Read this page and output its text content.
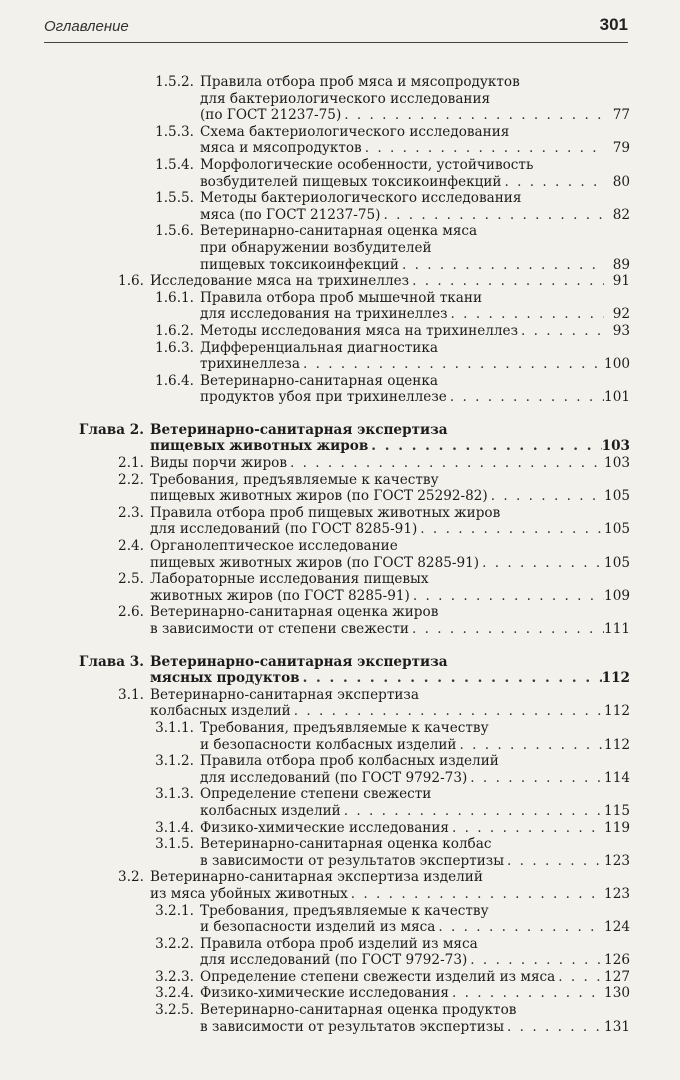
Оглавление	301
1.5.2. Правила отбора проб мяса и мясопродуктов
для бактериологического исследования
(по ГОСТ 21237-75) . . .	77
1.5.3. Схема бактериологического исследования
мяса и мясопродуктов . . .	79
1.5.4. Морфологические особенности, устойчивость
возбудителей пищевых токсикоинфекций . . .	80
1.5.5. Методы бактериологического исследования
мяса (по ГОСТ 21237-75) . . .	82
1.5.6. Ветеринарно-санитарная оценка мяса
при обнаружении возбудителей
пищевых токсикоинфекций . . .	89
1.6. Исследование мяса на трихинеллез . . .	91
1.6.1. Правила отбора проб мышечной ткани
для исследования на трихинеллез . . .	92
1.6.2. Методы исследования мяса на трихинеллез . . .	93
1.6.3. Дифференциальная диагностика
трихинеллеза . . .	100
1.6.4. Ветеринарно-санитарная оценка
продуктов убоя при трихинеллезе . . .	101
Глава 2. Ветеринарно-санитарная экспертиза
пищевых животных жиров . . .	103
2.1. Виды порчи жиров . . .	103
2.2. Требования, предъявляемые к качеству
пищевых животных жиров (по ГОСТ 25292-82) . . .	105
2.3. Правила отбора проб пищевых животных жиров
для исследований (по ГОСТ 8285-91) . . .	105
2.4. Органолептическое исследование
пищевых животных жиров (по ГОСТ 8285-91) . . .	105
2.5. Лабораторные исследования пищевых
животных жиров (по ГОСТ 8285-91) . . .	109
2.6. Ветеринарно-санитарная оценка жиров
в зависимости от степени свежести . . .	111
Глава 3. Ветеринарно-санитарная экспертиза
мясных продуктов . . .	112
3.1. Ветеринарно-санитарная экспертиза
колбасных изделий . . .	112
3.1.1. Требования, предъявляемые к качеству
и безопасности колбасных изделий . . .	112
3.1.2. Правила отбора проб колбасных изделий
для исследований (по ГОСТ 9792-73) . . .	114
3.1.3. Определение степени свежести
колбасных изделий . . .	115
3.1.4. Физико-химические исследования . . .	119
3.1.5. Ветеринарно-санитарная оценка колбас
в зависимости от результатов экспертизы . . .	123
3.2. Ветеринарно-санитарная экспертиза изделий
из мяса убойных животных . . .	123
3.2.1. Требования, предъявляемые к качеству
и безопасности изделий из мяса . . .	124
3.2.2. Правила отбора проб изделий из мяса
для исследований (по ГОСТ 9792-73) . . .	126
3.2.3. Определение степени свежести изделий из мяса . . .	127
3.2.4. Физико-химические исследования . . .	130
3.2.5. Ветеринарно-санитарная оценка продуктов
в зависимости от результатов экспертизы . . .	131
